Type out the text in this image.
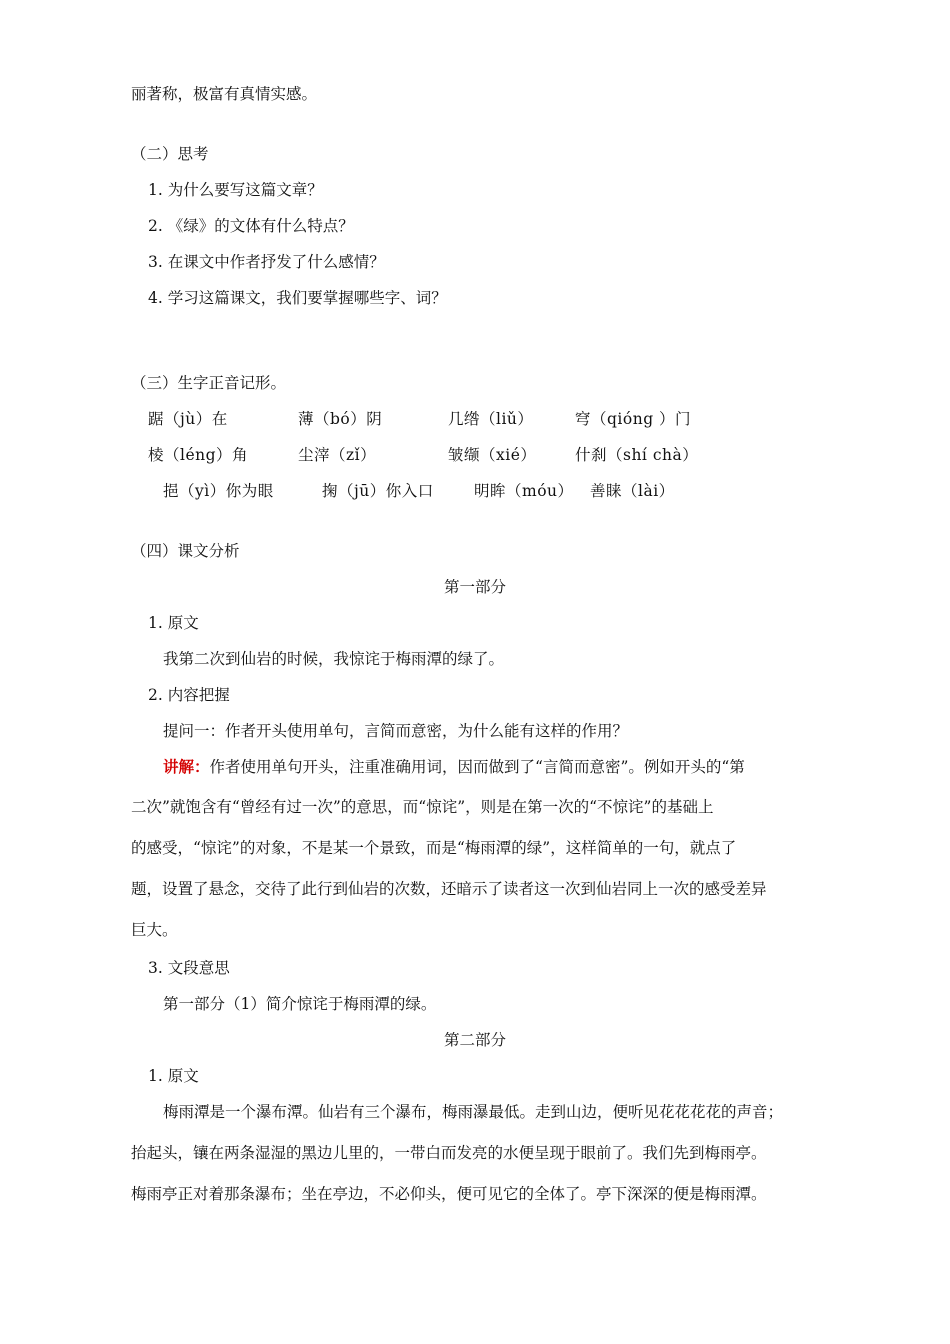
丽著称，极富有真情实感。
（二）思考
1. 为什么要写这篇文章？
2. 《绿》的文体有什么特点？
3. 在课文中作者抒发了什么感情？
4. 学习这篇课文，我们要掌握哪些字、词？
（三）生字正音记形。
踞（jù）在	薄（bó）阴	几绺（liǔ）	穹（qióng ）门
棱（léng）角	尘滓（zǐ）	皱缬（xié） 什刹（shí chà）
挹（yì）你为眼	掬（jū）你入口	明眸（móu） 善睐（lài）
（四）课文分析
第一部分
1. 原文
我第二次到仙岩的时候，我惊诧于梅雨潭的绿了。
2. 内容把握
提问一：作者开头使用单句，言简而意密，为什么能有这样的作用？
讲解：作者使用单句开头，注重准确用词，因而做到了“言简而意密”。例如开头的“第
二次”就饱含有“曾经有过一次”的意思，而“惊诧”，则是在第一次的“不惊诧”的基础上
的感受，“惊诧”的对象，不是某一个景致，而是“梅雨潭的绿”，这样简单的一句，就点了
题，设置了悬念，交待了此行到仙岩的次数，还暗示了读者这一次到仙岩同上一次的感受差异
巨大。
3. 文段意思
第一部分（1）简介惊诧于梅雨潭的绿。
第二部分
1. 原文
梅雨潭是一个瀑布潭。仙岩有三个瀑布，梅雨瀑最低。走到山边，便听见花花花花的声音；
抬起头，镶在两条湿湿的黑边儿里的，一带白而发亮的水便呈现于眼前了。我们先到梅雨亭。
梅雨亭正对着那条瀑布；坐在亭边，不必仰头，便可见它的全体了。亭下深深的便是梅雨潭。
